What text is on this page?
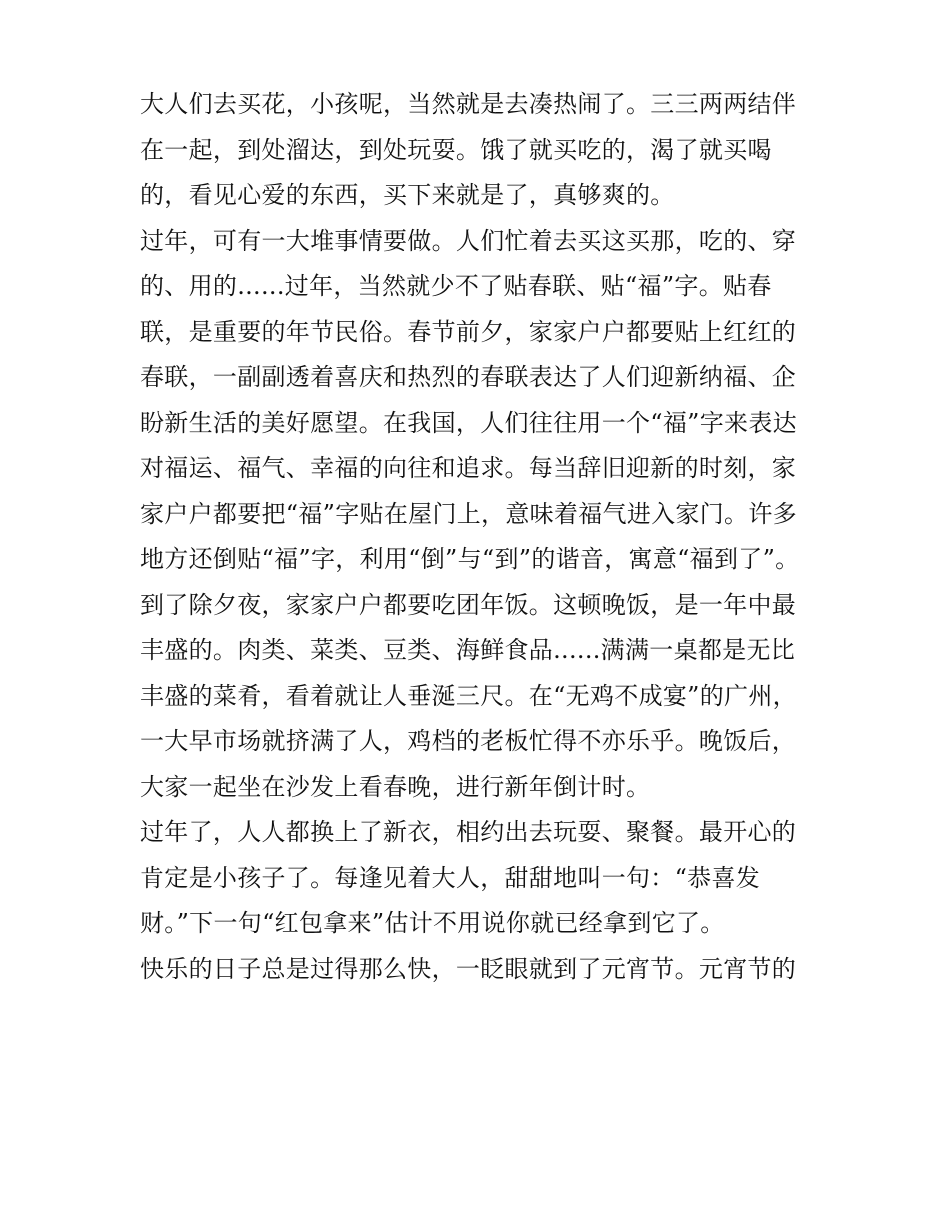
大人们去买花，小孩呢，当然就是去凑热闹了。三三两两结伴
在一起，到处溜达，到处玩耍。饿了就买吃的，渴了就买喝
的，看见心爱的东西，买下来就是了，真够爽的。
过年，可有一大堆事情要做。人们忙着去买这买那，吃的、穿
的、用的......过年，当然就少不了贴春联、贴“福”字。贴春
联，是重要的年节民俗。春节前夕，家家户户都要贴上红红的
春联，一副副透着喜庆和热烈的春联表达了人们迎新纳福、企
盼新生活的美好愿望。在我国，人们往往用一个“福”字来表达
对福运、福气、幸福的向往和追求。每当辞旧迎新的时刻，家
家户户都要把“福”字贴在屋门上，意味着福气进入家门。许多
地方还倒贴“福”字，利用“倒”与“到”的谐音，寓意“福到了”。
到了除夕夜，家家户户都要吃团年饭。这顿晚饭，是一年中最
丰盛的。肉类、菜类、豆类、海鲜食品......满满一桌都是无比
丰盛的菜肴，看着就让人垂涎三尺。在“无鸡不成宴”的广州，
一大早市场就挤满了人，鸡档的老板忙得不亦乐乎。晚饭后，
大家一起坐在沙发上看春晚，进行新年倒计时。
过年了，人人都换上了新衣，相约出去玩耍、聚餐。最开心的
肯定是小孩子了。每逢见着大人，甜甜地叫一句：“恭喜发
财。”下一句“红包拿来”估计不用说你就已经拿到它了。
快乐的日子总是过得那么快，一眨眼就到了元宵节。元宵节的
